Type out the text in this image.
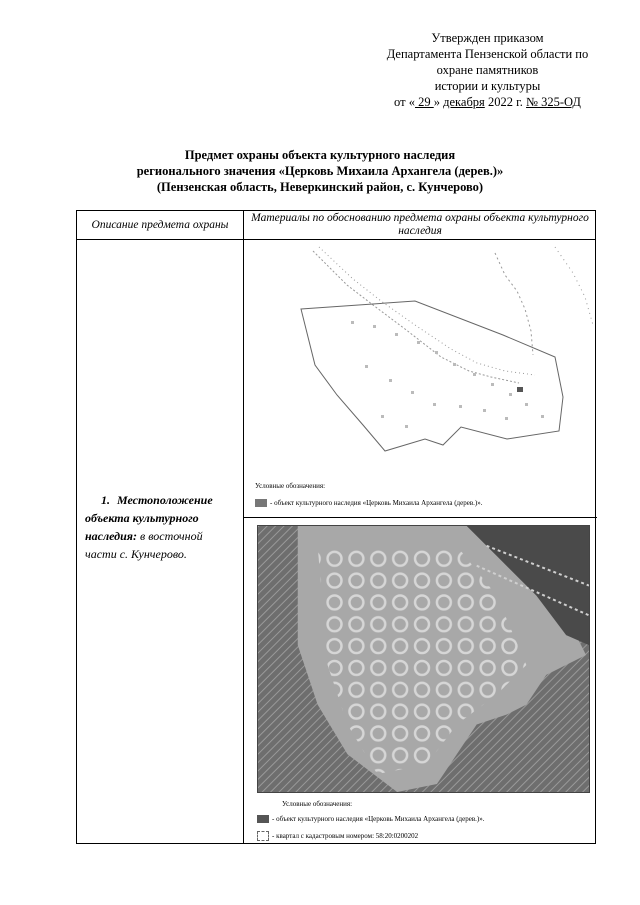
Утвержден приказом
Департамента Пензенской области по
охране памятников
истории и культуры
от « 29 » декабря 2022 г. № 325-ОД
Предмет охраны объекта культурного наследия
регионального значения «Церковь Михаила Архангела (дерев.)»
(Пензенская область, Неверкинский район, с. Кунчерово)
Описание предмета охраны
Материалы по обоснованию предмета охраны объекта культурного наследия
1. Местоположение объекта культурного наследия: в восточной части с. Кунчерово.
Условные обозначения:
- объект культурного наследия «Церковь Михаила Архангела (дерев.)».
Условные обозначения:
- объект культурного наследия «Церковь Михаила Архангела (дерев.)».
- квартал с кадастровым номером: 58:20:0200202
